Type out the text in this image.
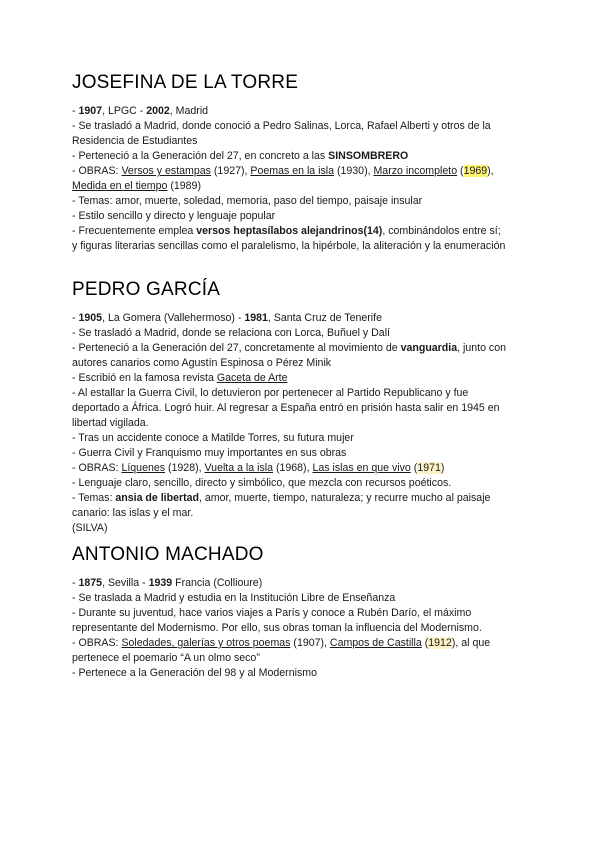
JOSEFINA DE LA TORRE
- 1907, LPGC - 2002, Madrid
- Se trasladó a Madrid, donde conoció a Pedro Salinas, Lorca, Rafael Alberti y otros de la
Residencia de Estudiantes
- Perteneció a la Generación del 27, en concreto a las SINSOMBRERO
- OBRAS: Versos y estampas (1927), Poemas en la isla (1930), Marzo incompleto (1969),
Medida en el tiempo (1989)
- Temas: amor, muerte, soledad, memoria, paso del tiempo, paisaje insular
- Estilo sencillo y directo y lenguaje popular
- Frecuentemente emplea versos heptasílabos alejandrinos(14), combinándolos entre sí;
y figuras literarias sencillas como el paralelismo, la hipérbole, la aliteración y la enumeración
PEDRO GARCÍA
- 1905, La Gomera (Vallehermoso) - 1981, Santa Cruz de Tenerife
- Se trasladó a Madrid, donde se relaciona con Lorca, Buñuel y Dalí
- Perteneció a la Generación del 27, concretamente al movimiento de vanguardia, junto con
autores canarios como Agustín Espinosa o Pérez Minik
- Escribió en la famosa revista Gaceta de Arte
- Al estallar la Guerra Civil, lo detuvieron por pertenecer al Partido Republicano y fue
deportado a África. Logró huir. Al regresar a España entró en prisión hasta salir en 1945 en
libertad vigilada.
- Tras un accidente conoce a Matilde Torres, su futura mujer
- Guerra Civil y Franquismo muy importantes en sus obras
- OBRAS: Líquenes (1928), Vuelta a la isla (1968), Las islas en que vivo (1971)
- Lenguaje claro, sencillo, directo y simbólico, que mezcla con recursos poéticos.
- Temas: ansia de libertad, amor, muerte, tiempo, naturaleza; y recurre mucho al paisaje
canario: las islas y el mar.
(SILVA)
ANTONIO MACHADO
- 1875, Sevilla - 1939 Francia (Collioure)
- Se traslada a Madrid y estudia en la Institución Libre de Enseñanza
- Durante su juventud, hace varios viajes a París y conoce a Rubén Darío, el máximo
representante del Modernismo. Por ello, sus obras toman la influencia del Modernismo.
- OBRAS: Soledades, galerías y otros poemas (1907), Campos de Castilla (1912), al que
pertenece el poemario “A un olmo seco”
- Pertenece a la Generación del 98 y al Modernismo
